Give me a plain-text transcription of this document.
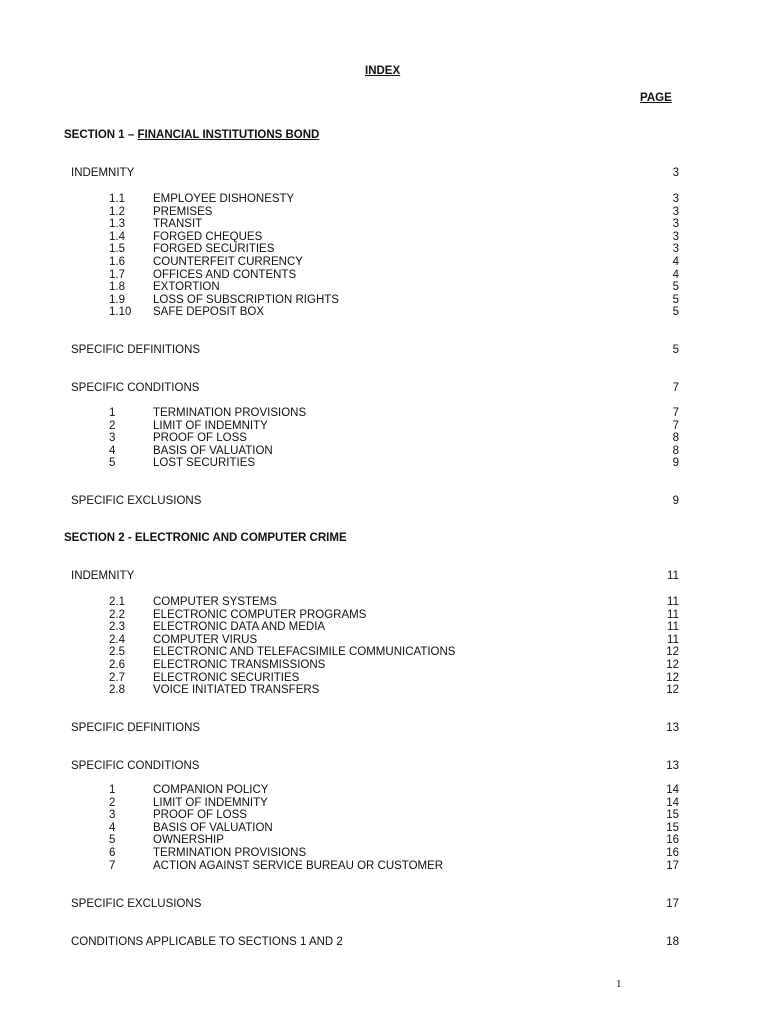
INDEX
PAGE
SECTION 1 – FINANCIAL INSTITUTIONS BOND
INDEMNITY	3
1.1 EMPLOYEE DISHONESTY	3
1.2 PREMISES	3
1.3 TRANSIT	3
1.4 FORGED CHEQUES	3
1.5 FORGED SECURITIES	3
1.6 COUNTERFEIT CURRENCY	4
1.7 OFFICES AND CONTENTS	4
1.8 EXTORTION	5
1.9 LOSS OF SUBSCRIPTION RIGHTS	5
1.10 SAFE DEPOSIT BOX	5
SPECIFIC DEFINITIONS	5
SPECIFIC CONDITIONS	7
1	TERMINATION PROVISIONS	7
2	LIMIT OF INDEMNITY	7
3	PROOF OF LOSS	8
4	BASIS OF VALUATION	8
5	LOST SECURITIES	9
SPECIFIC EXCLUSIONS	9
SECTION 2 - ELECTRONIC AND COMPUTER CRIME
INDEMNITY	11
2.1 COMPUTER SYSTEMS	11
2.2 ELECTRONIC COMPUTER PROGRAMS	11
2.3 ELECTRONIC DATA AND MEDIA	11
2.4 COMPUTER VIRUS	11
2.5 ELECTRONIC AND TELEFACSIMILE COMMUNICATIONS	12
2.6 ELECTRONIC TRANSMISSIONS	12
2.7 ELECTRONIC SECURITIES	12
2.8 VOICE INITIATED TRANSFERS	12
SPECIFIC DEFINITIONS	13
SPECIFIC CONDITIONS	13
1	COMPANION POLICY	14
2	LIMIT OF INDEMNITY	14
3	PROOF OF LOSS	15
4	BASIS OF VALUATION	15
5	OWNERSHIP	16
6	TERMINATION PROVISIONS	16
7	ACTION AGAINST SERVICE BUREAU OR CUSTOMER	17
SPECIFIC EXCLUSIONS	17
CONDITIONS APPLICABLE TO SECTIONS 1 AND 2	18
1
